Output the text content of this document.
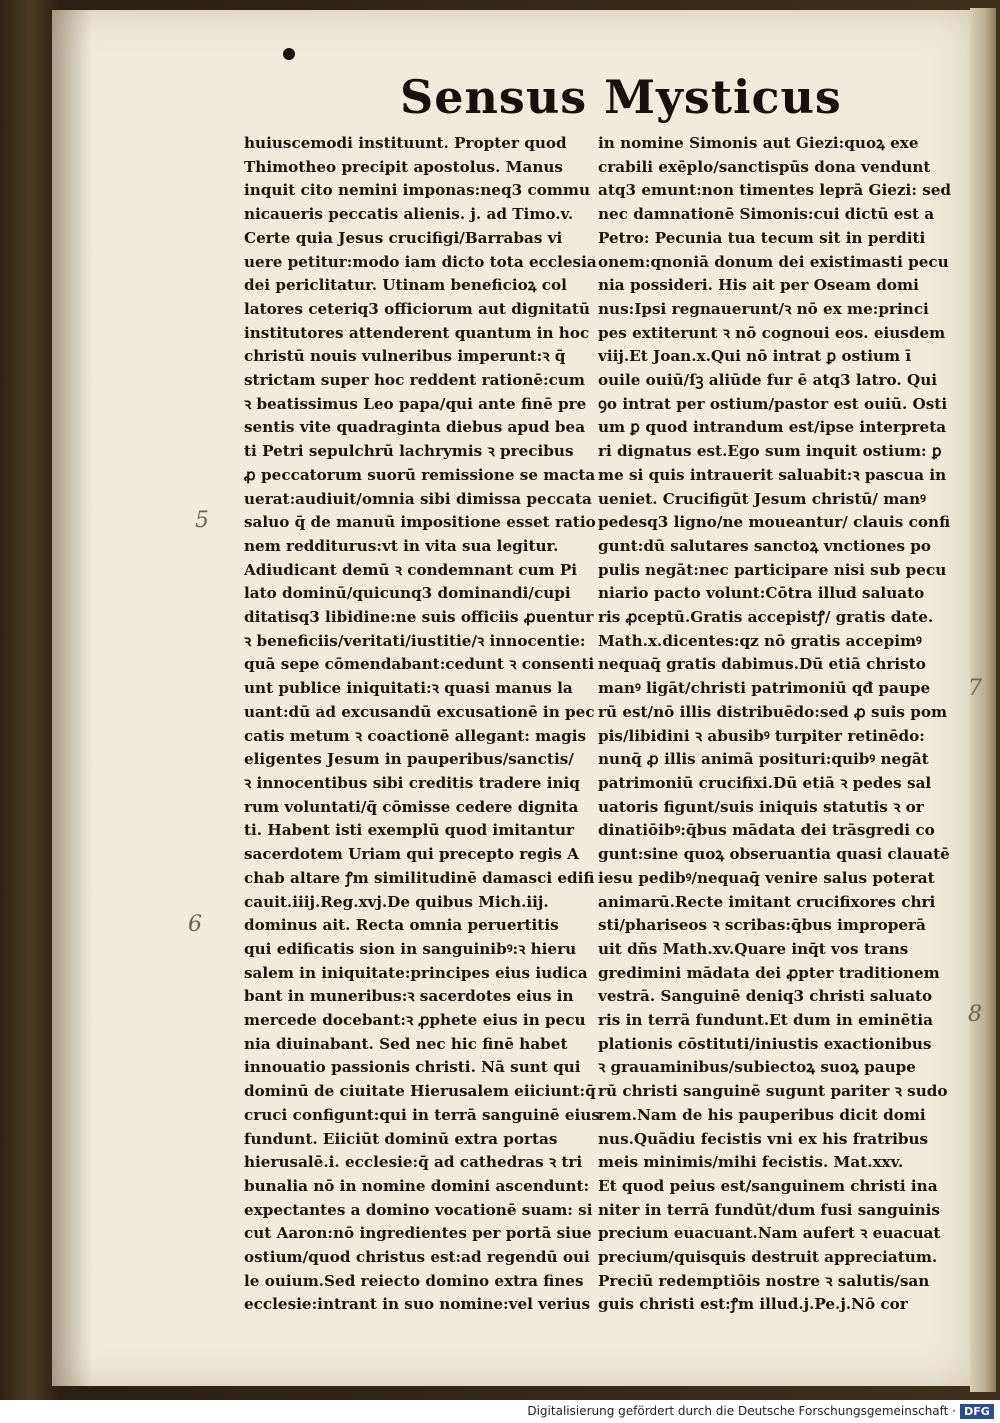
Sensus Mysticus
huiuscemodi instituunt. Propter quod
Thimotheo precipit apostolus. Manus
inquit cito nemini imponas:neq3 commu
nicaueris peccatis alienis. j. ad Timo.v.
Certe quia Jesus crucifigi/Barrabas vi
uere petitur:modo iam dicto tota ecclesia
dei periclitatur. Utinam beneficioꝝ col
latores ceteriq3 officiorum aut dignitatū
institutores attenderent quantum in hoc
christū nouis vulneribus imperunt:ꝛ q̄
strictam super hoc reddent rationē:cum
ꝛ beatissimus Leo papa/qui ante finē pre
sentis vite quadraginta diebus apud bea
ti Petri sepulchrū lachrymis ꝛ precibus
ꝓ peccatorum suorū remissione se macta
uerat:audiuit/omnia sibi dimissa peccata
saluo q̄ de manuū impositione esset ratio
nem redditurus:vt in vita sua legitur.
Adiudicant demū ꝛ condemnant cum Pi
lato dominū/quicunq3 dominandi/cupi
ditatisq3 libidine:ne suis officiis ꝓuentur
ꝛ beneficiis/veritati/iustitie/ꝛ innocentie:
quā sepe cōmendabant:cedunt ꝛ consenti
unt publice iniquitati:ꝛ quasi manus la
uant:dū ad excusandū excusationē in pec
catis metum ꝛ coactionē allegant: magis
eligentes Jesum in pauperibus/sanctis/
ꝛ innocentibus sibi creditis tradere iniq
rum voluntati/q̄ cōmisse cedere dignita
ti. Habent isti exemplū quod imitantur
sacerdotem Uriam qui precepto regis A
chab altare ꝭm similitudinē damasci edifi
cauit.iiij.Reg.xvj.De quibus Mich.iij.
dominus ait. Recta omnia peruertitis
qui edificatis sion in sanguinibꝰ:ꝛ hieru
salem in iniquitate:principes eius iudica
bant in muneribus:ꝛ sacerdotes eius in
mercede docebant:ꝛ ꝓphete eius in pecu
nia diuinabant. Sed nec hic finē habet
innouatio passionis christi. Nā sunt qui
dominū de ciuitate Hierusalem eiiciunt:q̄
cruci configunt:qui in terrā sanguinē eius
fundunt. Eiiciūt dominū extra portas
hierusalē.i. ecclesie:q̄ ad cathedras ꝛ tri
bunalia nō in nomine domini ascendunt:
expectantes a domino vocationē suam: si
cut Aaron:nō ingredientes per portā siue
ostium/quod christus est:ad regendū oui
le ouium.Sed reiecto domino extra fines
ecclesie:intrant in suo nomine:vel verius
in nomine Simonis aut Giezi:quoꝝ exe
crabili exēplo/sanctispūs dona vendunt
atq3 emunt:non timentes leprā Giezi: sed
nec damnationē Simonis:cui dictū est a
Petro: Pecunia tua tecum sit in perditi
onem:qnoniā donum dei existimasti pecu
nia possideri. His ait per Oseam domi
nus:Ipsi regnauerunt/ꝛ nō ex me:princi
pes extiterunt ꝛ nō cognoui eos. eiusdem
viij.Et Joan.x.Qui nō intrat ꝑ ostium ī
ouile ouiū/ſꝫ aliūde fur ē atq3 latro. Qui
ꝯo intrat per ostium/pastor est ouiū. Osti
um ꝑ quod intrandum est/ipse interpreta
ri dignatus est.Ego sum inquit ostium: ꝑ
me si quis intrauerit saluabit:ꝛ pascua in
ueniet. Crucifigūt Jesum christū/ manꝰ
pedesq3 ligno/ne moueantur/ clauis confi
gunt:dū salutares sanctoꝝ vnctiones po
pulis negāt:nec participare nisi sub pecu
niario pacto volunt:Cōtra illud saluato
ris ꝓceptū.Gratis accepistꝭ/ gratis date.
Math.x.dicentes:qz nō gratis accepimꝰ
nequaq̄ gratis dabimus.Dū etiā christo
manꝰ ligāt/christi patrimoniū qđ paupe
rū est/nō illis distribuēdo:sed ꝓ suis pom
pis/libidini ꝛ abusibꝰ turpiter retinēdo:
nunq̄ ꝓ illis animā posituri:quibꝰ negāt
patrimoniū crucifixi.Dū etiā ꝛ pedes sal
uatoris figunt/suis iniquis statutis ꝛ or
dinatiōibꝰ:q̄bus mādata dei trāsgredi co
gunt:sine quoꝝ obseruantia quasi clauatē
iesu pedibꝰ/nequaq̄ venire salus poterat
animarū.Recte imitant crucifixores chri
sti/phariseos ꝛ scribas:q̄bus improperā
uit dñs Math.xv.Quare inq̄t vos trans
gredimini mādata dei ꝓpter traditionem
vestrā. Sanguinē deniq3 christi saluato
ris in terrā fundunt.Et dum in eminētia
plationis cōstituti/iniustis exactionibus
ꝛ grauaminibus/subiectoꝝ suoꝝ paupe
rū christi sanguinē sugunt pariter ꝛ sudo
rem.Nam de his pauperibus dicit domi
nus.Quādiu fecistis vni ex his fratribus
meis minimis/mihi fecistis. Mat.xxv.
Et quod peius est/sanguinem christi ina
niter in terrā fundūt/dum fusi sanguinis
precium euacuant.Nam aufert ꝛ euacuat
precium/quisquis destruit appreciatum.
Preciū redemptiōis nostre ꝛ salutis/san
guis christi est:ꝭm illud.j.Pe.j.Nō cor
5
6
7
8
Digitalisierung gefördert durch die Deutsche Forschungsgemeinschaft · DFG
